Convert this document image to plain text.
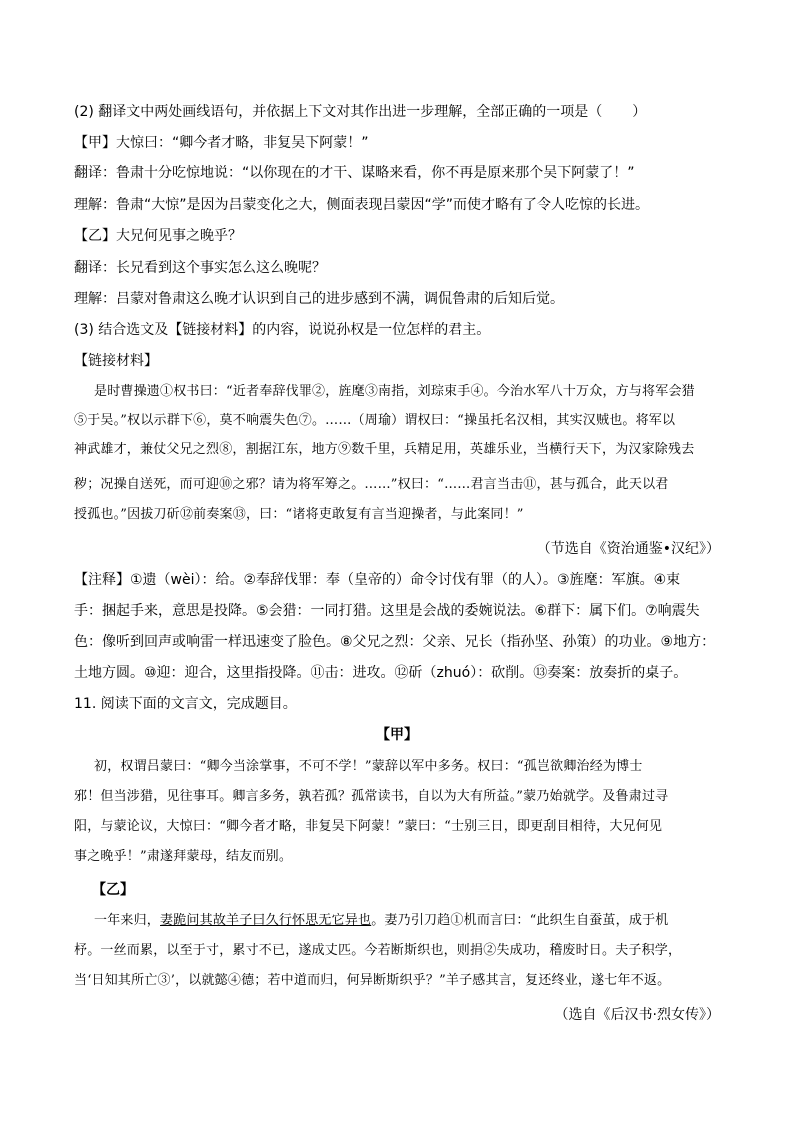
(2) 翻译文中两处画线语句，并依据上下文对其作出进一步理解，全部正确的一项是（ ）
【甲】大惊曰：“卿今者才略，非复吴下阿蒙！”
翻译：鲁肃十分吃惊地说：“以你现在的才干、谋略来看，你不再是原来那个吴下阿蒙了！”
理解：鲁肃“大惊”是因为吕蒙变化之大，侧面表现吕蒙因“学”而使才略有了令人吃惊的长进。
【乙】大兄何见事之晚乎？
翻译：长兄看到这个事实怎么这么晚呢？
理解：吕蒙对鲁肃这么晚才认识到自己的进步感到不满，调侃鲁肃的后知后觉。
(3) 结合选文及【链接材料】的内容，说说孙权是一位怎样的君主。
【链接材料】
是时曹操遗①权书曰：“近者奉辞伐罪②，旌麾③南指，刘琮束手④。今治水军八十万众，方与将军会猎
⑤于吴。”权以示群下⑥，莫不响震失色⑦。……（周瑜）谓权曰：“操虽托名汉相，其实汉贼也。将军以
神武雄才，兼仗父兄之烈⑧，割据江东，地方⑨数千里，兵精足用，英雄乐业，当横行天下，为汉家除残去
秽；况操自送死，而可迎⑩之邪？请为将军筹之。……”权曰：“……君言当击⑪，甚与孤合，此天以君
授孤也。”因拔刀斫⑫前奏案⑬，曰：“诸将吏敢复有言当迎操者，与此案同！”
（节选自《资治通鉴•汉纪》）
【注释】①遗（wèi）：给。②奉辞伐罪：奉（皇帝的）命令讨伐有罪（的人）。③旌麾：军旗。④束
手：捆起手来，意思是投降。⑤会猎：一同打猎。这里是会战的委婉说法。⑥群下：属下们。⑦响震失
色：像听到回声或响雷一样迅速变了脸色。⑧父兄之烈：父亲、兄长（指孙坚、孙策）的功业。⑨地方：
土地方圆。⑩迎：迎合，这里指投降。⑪击：进攻。⑫斫（zhuó）：砍削。⑬奏案：放奏折的桌子。
11. 阅读下面的文言文，完成题目。
【甲】
初，权谓吕蒙曰：“卿今当涂掌事，不可不学！”蒙辞以军中多务。权曰：“孤岂欲卿治经为博士
邪！但当涉猎，见往事耳。卿言多务，孰若孤？孤常读书，自以为大有所益。”蒙乃始就学。及鲁肃过寻
阳，与蒙论议，大惊曰：“卿今者才略，非复吴下阿蒙！”蒙曰：“士别三日，即更刮目相待，大兄何见
事之晚乎！”肃遂拜蒙母，结友而别。
【乙】
一年来归，妻跪问其故羊子曰久行怀思无它异也。妻乃引刀趋①机而言曰：“此织生自蚕茧，成于机
杼。一丝而累，以至于寸，累寸不已，遂成丈匹。今若断斯织也，则捐②失成功，稽废时日。夫子积学，
当‘日知其所亡③’，以就懿④德；若中道而归，何异断斯织乎？”羊子感其言，复还终业，遂七年不返。
（选自《后汉书·烈女传》）
